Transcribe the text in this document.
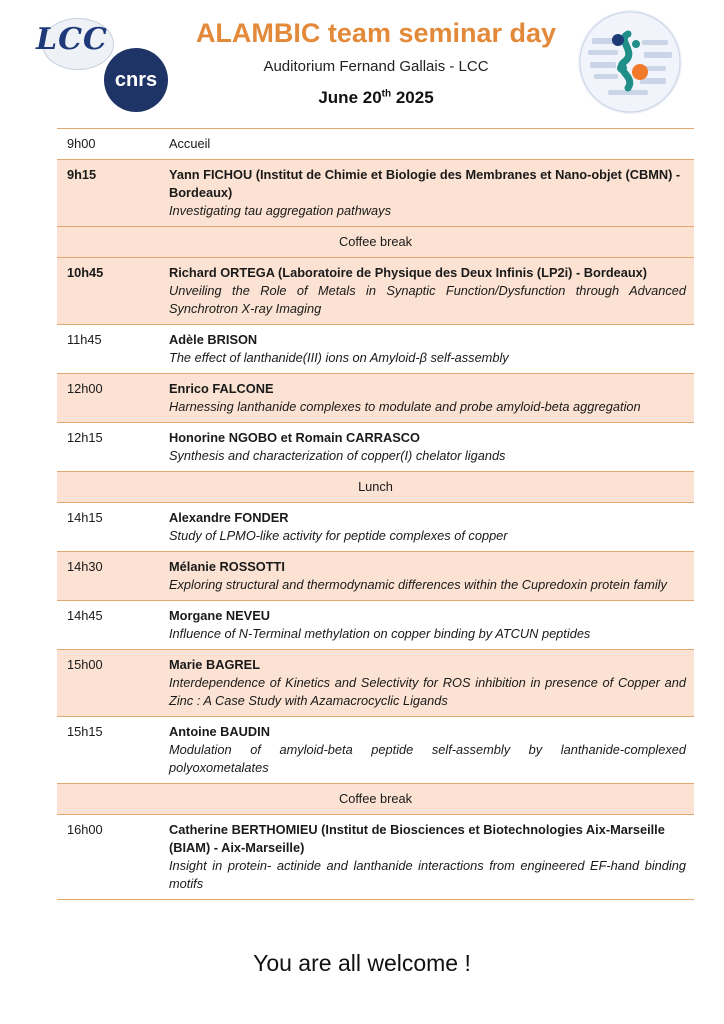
LCC
cnrs
ALAMBIC team seminar day
Auditorium Fernand Gallais - LCC
June 20th 2025
9h00	Accueil

9h15	Yann FICHOU (Institut de Chimie et Biologie des Membranes et Nano-objet (CBMN) - Bordeaux)
Investigating tau aggregation pathways

Coffee break	
10h45	Richard ORTEGA (Laboratoire de Physique des Deux Infinis (LP2i) - Bordeaux)
Unveiling the Role of Metals in Synaptic Function/Dysfunction through Advanced Synchrotron X-ray Imaging

11h45	Adèle BRISON
The effect of lanthanide(III) ions on Amyloid-β self-assembly

12h00	Enrico FALCONE
Harnessing lanthanide complexes to modulate and probe amyloid-beta aggregation

12h15	Honorine NGOBO et Romain CARRASCO
Synthesis and characterization of copper(I) chelator ligands

Lunch	
14h15	Alexandre FONDER
Study of LPMO-like activity for peptide complexes of copper

14h30	Mélanie ROSSOTTI
Exploring structural and thermodynamic differences within the Cupredoxin protein family

14h45	Morgane NEVEU
Influence of N-Terminal methylation on copper binding by ATCUN peptides

15h00	Marie BAGREL
Interdependence of Kinetics and Selectivity for ROS inhibition in presence of Copper and Zinc : A Case Study with Azamacrocyclic Ligands

15h15	Antoine BAUDIN
Modulation of amyloid-beta peptide self-assembly by lanthanide-complexed polyoxometalates

Coffee break	
16h00	Catherine BERTHOMIEU (Institut de Biosciences et Biotechnologies Aix-Marseille (BIAM) - Aix-Marseille)
Insight in protein- actinide and lanthanide interactions from engineered EF-hand binding motifs
You are all welcome !
